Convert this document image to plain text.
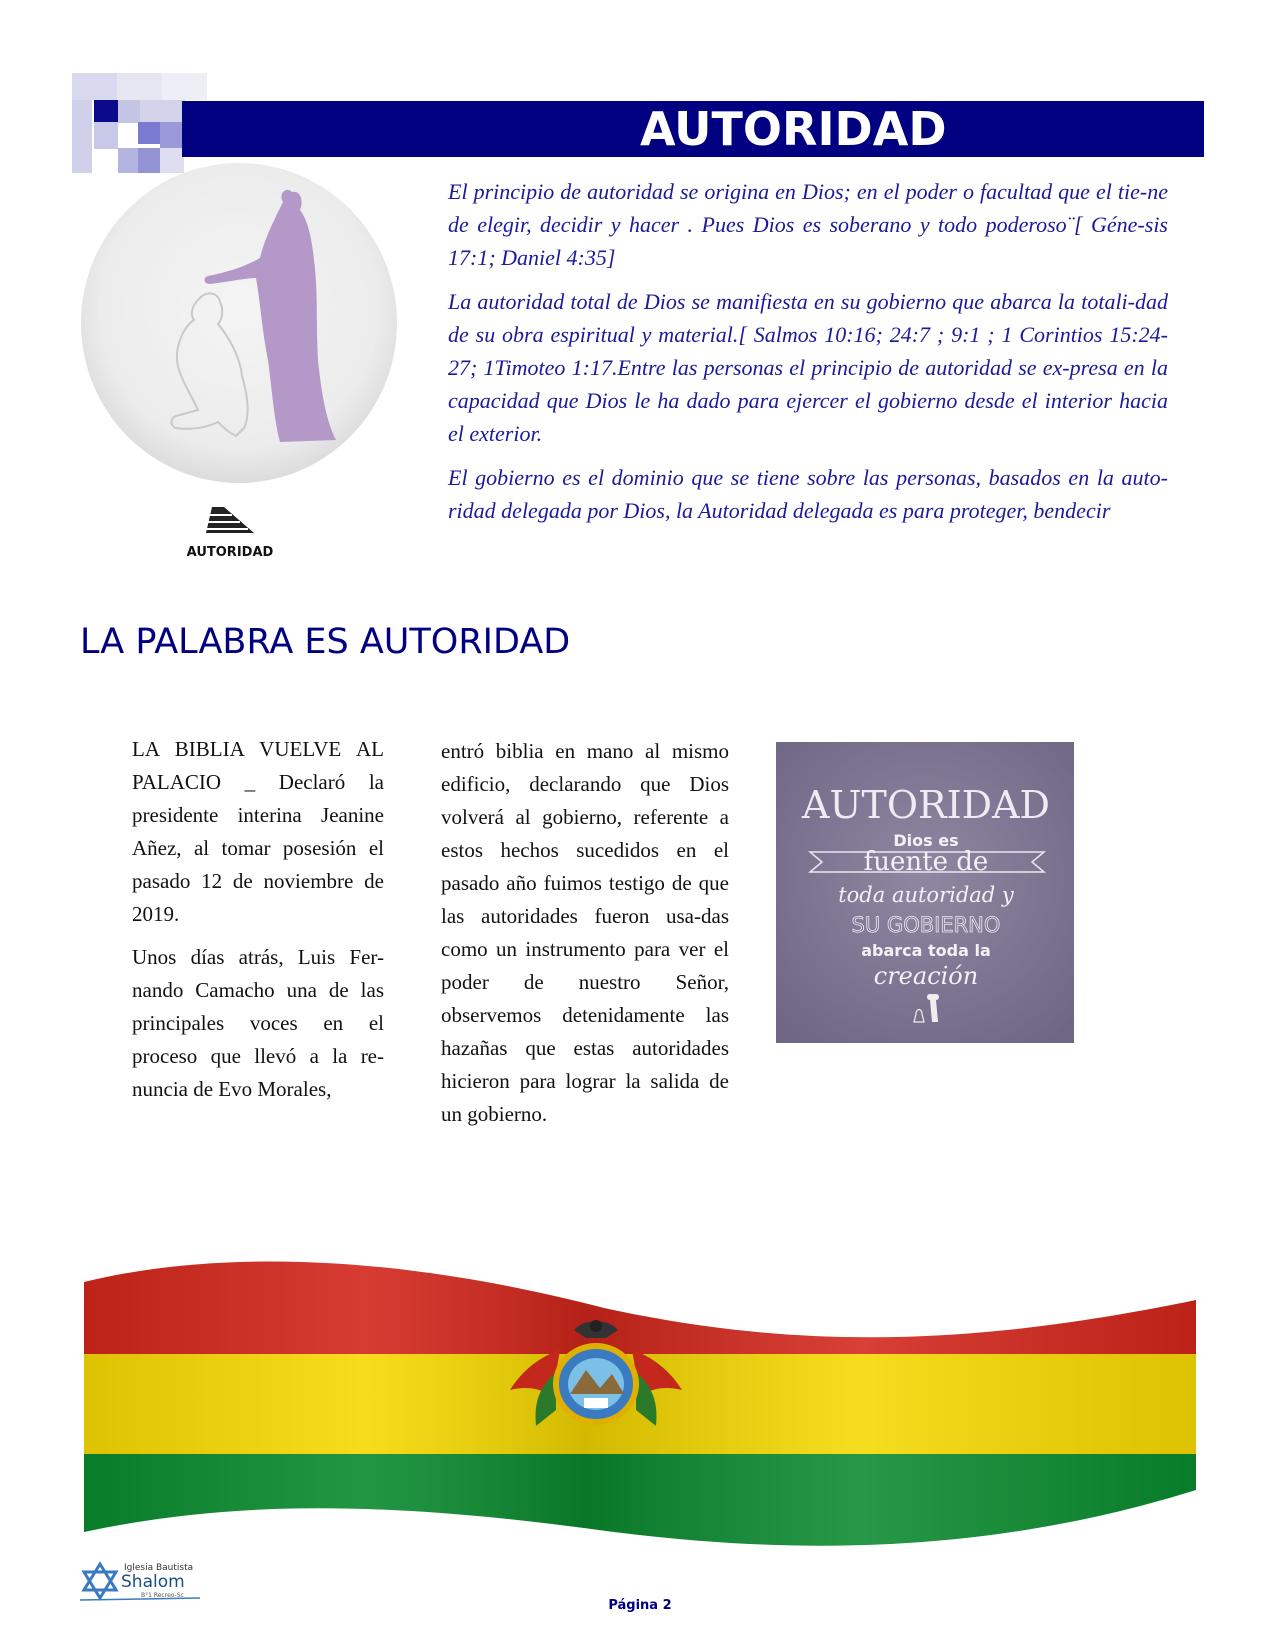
AUTORIDAD
AUTORIDAD

El principio de autoridad se origina en Dios; en el poder o facultad que el tie-ne de elegir, decidir y hacer . Pues Dios es soberano y todo poderoso¨[ Géne-sis 17:1; Daniel 4:35]

La autoridad total de Dios se manifiesta en su gobierno que abarca la totali-dad de su obra espiritual y material.[ Salmos 10:16; 24:7 ; 9:1 ; 1 Corintios 15:24-27; 1Timoteo 1:17.Entre las personas el principio de autoridad se ex-presa en la capacidad que Dios le ha dado para ejercer el gobierno desde el interior hacia el exterior.

El gobierno es el dominio que se tiene sobre las personas, basados en la auto-ridad delegada por Dios, la Autoridad delegada es para proteger, bendecir

LA PALABRA ES AUTORIDAD

LA BIBLIA VUELVE AL PALACIO _ Declaró la presidente interina Jeanine Añez, al tomar posesión el pasado 12 de noviembre de 2019.

Unos días atrás, Luis Fer-nando Camacho una de las principales voces en el proceso que llevó a la re-nuncia de Evo Morales,

entró biblia en mano al mismo edificio, declarando que Dios volverá al gobierno, referente a estos hechos sucedidos en el pasado año fuimos testigo de que las autoridades fueron usa-das como un instrumento para ver el poder de nuestro Señor, observemos detenidamente las hazañas que estas autoridades hicieron para lograr la salida de un gobierno.

AUTORIDAD
Dios es
fuente de
toda autoridad y
SU GOBIERNO
abarca toda la
creación
Iglesia Bautista
Shalom
B°1 Recreo-Sc
Página 2
